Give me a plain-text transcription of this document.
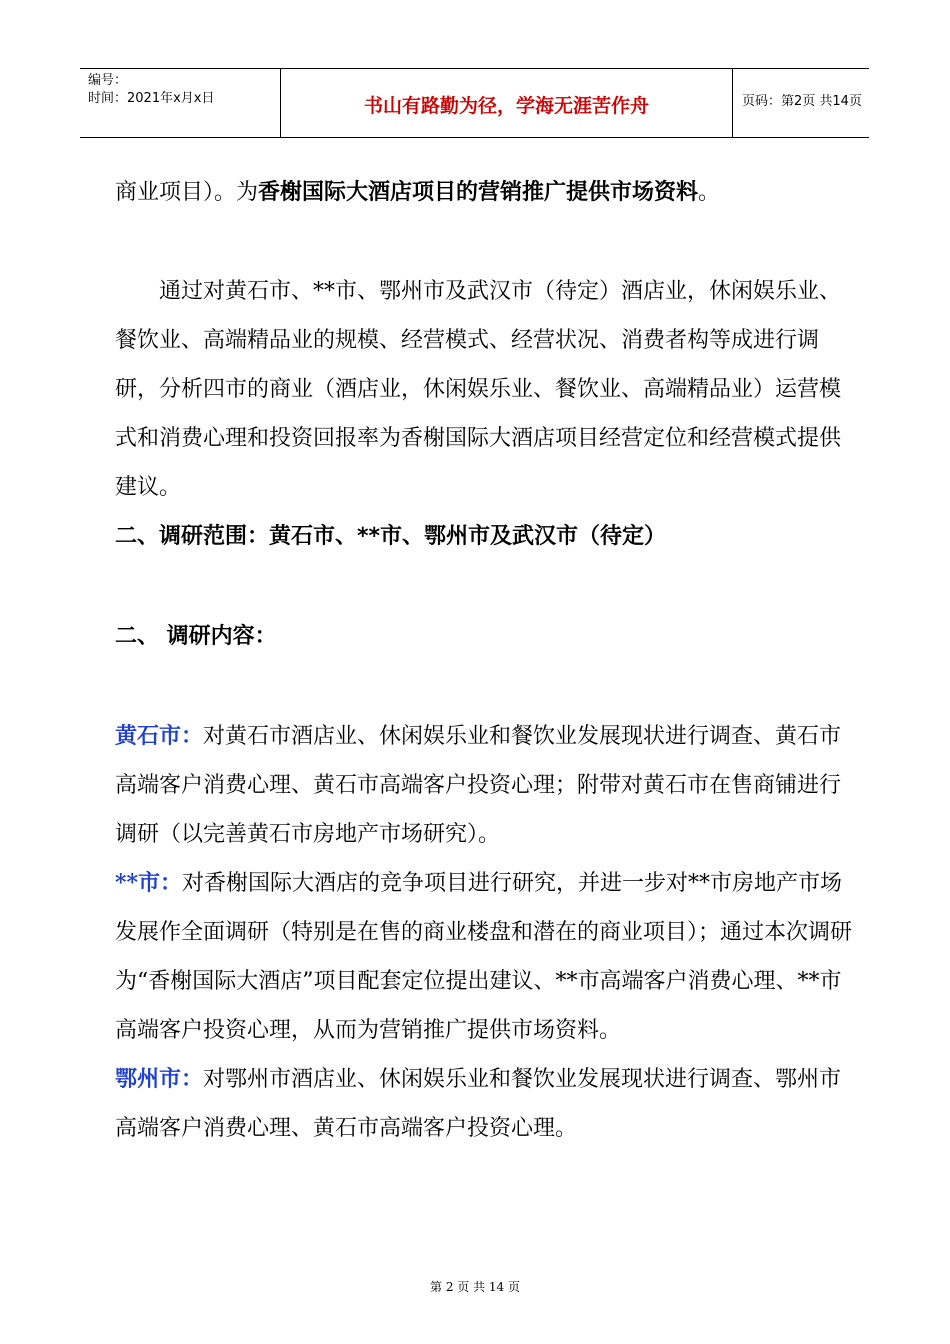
编号：
时间：2021年x月x日	书山有路勤为径，学海无涯苦作舟	页码：第2页 共14页

商业项目）。为香榭国际大酒店项目的营销推广提供市场资料。

通过对黄石市、**市、鄂州市及武汉市（待定）酒店业，休闲娱乐业、餐饮业、高端精品业的规模、经营模式、经营状况、消费者构等成进行调研，分析四市的商业（酒店业，休闲娱乐业、餐饮业、高端精品业）运营模式和消费心理和投资回报率为香榭国际大酒店项目经营定位和经营模式提供建议。

二、调研范围：黄石市、**市、鄂州市及武汉市（待定）

二、 调研内容：

黄石市：对黄石市酒店业、休闲娱乐业和餐饮业发展现状进行调查、黄石市高端客户消费心理、黄石市高端客户投资心理；附带对黄石市在售商铺进行调研（以完善黄石市房地产市场研究）。

**市：对香榭国际大酒店的竞争项目进行研究，并进一步对**市房地产市场发展作全面调研（特别是在售的商业楼盘和潜在的商业项目）；通过本次调研为“香榭国际大酒店”项目配套定位提出建议、**市高端客户消费心理、**市高端客户投资心理，从而为营销推广提供市场资料。

鄂州市：对鄂州市酒店业、休闲娱乐业和餐饮业发展现状进行调查、鄂州市高端客户消费心理、黄石市高端客户投资心理。

第 2 页 共 14 页
